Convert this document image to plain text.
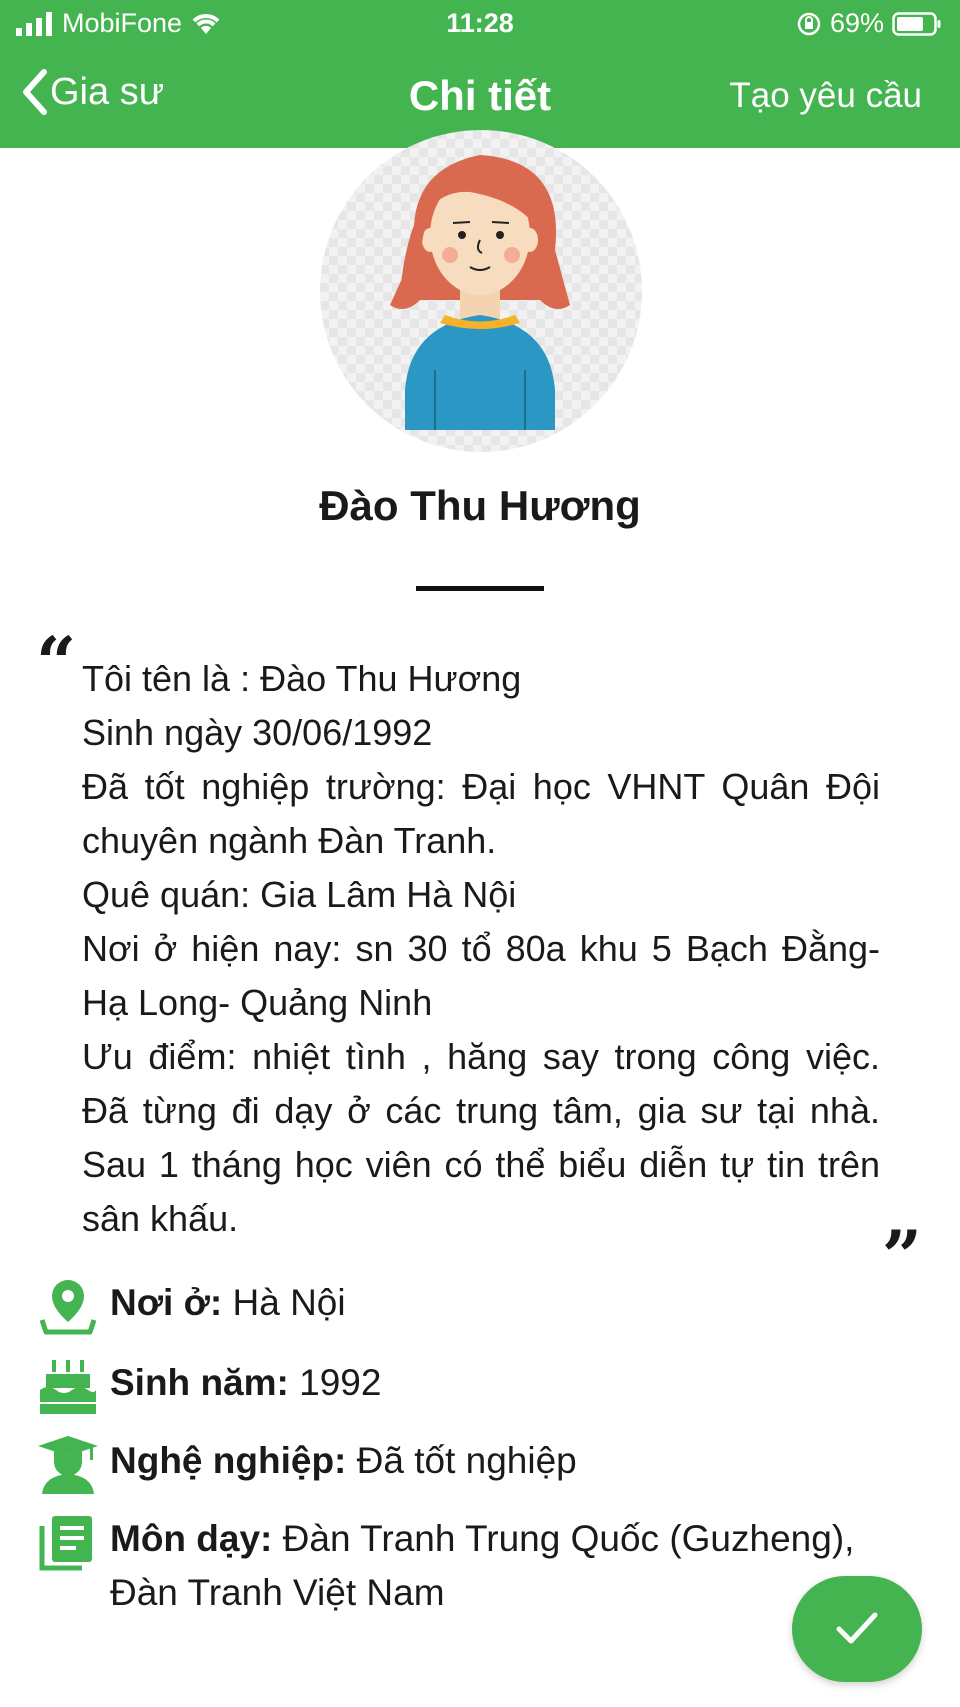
MobiFone	11:28	69%
Gia sư	Chi tiết	Tạo yêu cầu
Đào Thu Hương
“ Tôi tên là : Đào Thu Hương
Sinh ngày 30/06/1992
Đã tốt nghiệp trường: Đại học VHNT Quân Đội chuyên ngành Đàn Tranh.
Quê quán: Gia Lâm Hà Nội
Nơi ở hiện nay: sn 30 tổ 80a khu 5 Bạch Đằng- Hạ Long- Quảng Ninh
Ưu điểm: nhiệt tình , hăng say trong công việc. Đã từng đi dạy ở các trung tâm, gia sư tại nhà. Sau 1 tháng học viên có thể biểu diễn tự tin trên sân khấu.	”
Nơi ở: Hà Nội
Sinh năm: 1992
Nghệ nghiệp: Đã tốt nghiệp
Môn dạy: Đàn Tranh Trung Quốc (Guzheng), Đàn Tranh Việt Nam
